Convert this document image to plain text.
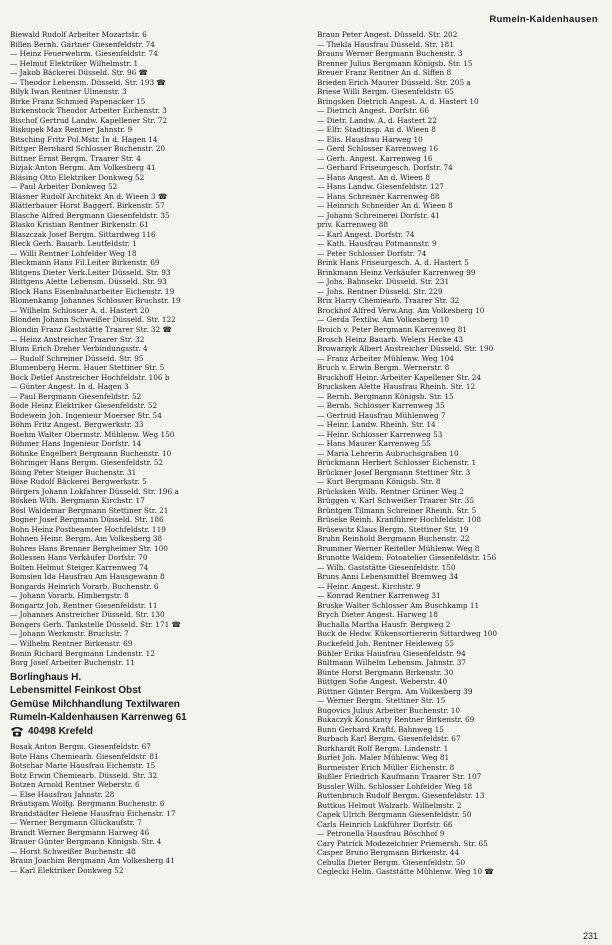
Rumeln-Kaldenhausen
Biewald Rudolf Arbeiter Mozartstr. 6
Billen Bernh. Gärtner Giesenfeldstr. 74
— Heinz Feuerwehrm. Giesenfeldstr. 74
— Helmut Elektriker Wilhelmstr. 1
— Jakob Bäckerei Düsseld. Str. 96 ☎
— Theodor Lebensm. Düsseld. Str. 193 ☎
Bilyk Iwan Rentner Ulmenstr. 3
Birke Franz Schmied Papenacker 15
Birkenstock Theodor Arbeiter Eichenstr. 3
Bischof Gertrud Landw. Kapellener Str. 72
Biskupek Max Rentner Jahnstr. 9
Bitsching Fritz Pol.Mstr. In d. Hagen 14
Bittger Bernhard Schlosser Buchenstr. 20
Bittner Ernst Bergm. Traarer Str. 4
Bizjak Anton Bergm. Am Volkesberg 41
Bläsing Otto Elektriker Donkweg 52
— Paul Arbeiter Donkweg 52
Bläsner Rudolf Architekt An d. Wieen 3 ☎
Blätterbauer Horst Baggerf. Birkenstr. 57
Blasche Alfred Bergmann Giesenfeldstr. 35
Blasko Kristian Rentner Birkenstr. 61
Blaszczak Josef Bergm. Sittardweg 116
Bleck Gerh. Bauarb. Leutfeldstr. 1
— Willi Rentner Lohfelder Weg 18
Bleckmann Hans Fil.Leiter Birkenstr. 69
Blitgens Dieter Verk.Leiter Düsseld. Str. 93
Blittgens Alette Lebensm. Düsseld. Str. 93
Block Hans Eisenbahnarbeiter Eichenstr. 19
Blomenkamp Johannes Schlosser Bruchstr. 19
— Wilhelm Schlosser A. d. Hastert 20
Blonden Johann Schweißer Düsseld. Str. 122
Blondin Franz Gaststätte Traarer Str. 32 ☎
— Heinz Anstreicher Traarer Str. 32
Blum Erich Dreher Verbindungsstr. 4
— Rudolf Schreiner Düsseld. Str. 95
Blumenberg Herm. Hauer Stettiner Str. 5
Bock Detlef Anstreicher Hochfeldstr. 106 b
— Günter Angest. In d. Hagen 3
— Paul Bergmann Giesenfeldstr. 52
Bode Heinz Elektriker Giesenfeldstr. 52
Bodewein Joh. Ingenieur Moerser Str. 54
Böhm Fritz Angest. Bergwerkstr. 33
Boehm Walter Obermstr. Mühlenw. Weg 150
Böhmer Hans Ingenieur Dorfstr. 14
Böhnke Engelbert Bergmann Buchenstr. 10
Böhringer Hans Bergm. Giesenfeldstr. 52
Böing Peter Steiger Buchenstr. 31
Böse Rudolf Bäckerei Bergwerkstr. 5
Börgers Johann Lokfahrer Düsseld. Str. 196 a
Bösken Wilh. Bergmann Kirchstr. 17
Bösl Waldemar Bergmann Stettiner Str. 21
Bogner Josef Bergmann Düsseld. Str. 186
Bohn Heinz Postbeamter Hochfeldstr. 119
Bohnen Heinr. Bergm. Am Volkesberg 38
Bohres Hans Brenner Bergheimer Str. 100
Bollessen Hans Verkäufer Dorfstr. 70
Bolten Helmut Steiger Karrenweg 74
Bomsien Ida Hausfrau Am Hausgewann 8
Bongards Heinrich Vorarb. Buchenstr. 6
— Johann Vorarb. Himbergstr. 8
Bongartz Joh. Rentner Giesenfeldstr. 11
— Johannes Anstreicher Düsseld. Str. 130
Bongers Gerh. Tankstelle Düsseld. Str. 171 ☎
— Johann Werkmstr. Bruchstr. 7
— Wilhelm Rentner Birkenstr. 69
Bonin Richard Bergmann Lindenstr. 12
Borg Josef Arbeiter Buchenstr. 11
Borlinghaus H.
Lebensmittel Feinkost Obst
Gemüse Milchhandlung Textilwaren
Rumeln-Kaldenhausen Karrenweg 61
40498 Krefeld
Bosak Anton Bergm. Giesenfeldstr. 67
Bote Hans Chemiearb. Giesenfeldstr. 81
Botschar Marie Hausfrau Eichenstr. 15
Botz Erwin Chemiearb. Düsseld. Str. 32
Botzen Arnold Rentner Weberstr. 6
— Else Hausfrau Jahnstr. 28
Bräutigam Wolfg. Bergmann Buchenstr. 6
Brandstädter Helene Hausfrau Eichenstr. 17
— Werner Bergmann Glückaufstr. 7
Brandt Werner Bergmann Harweg 46
Brauer Günter Bergmann Königsb. Str. 4
— Horst Schweißer Buchenstr. 48
Braun Joachim Bergmann Am Volkesberg 41
— Karl Elektriker Donkweg 52
Braun Peter Angest. Düsseld. Str. 202
— Thekla Hausfrau Düsseld. Str. 181
Brauns Werner Bergmann Buchenstr. 3
Brenner Julius Bergmann Königsb. Str. 15
Breuer Franz Rentner An d. Siffen 8
Brieden Erich Maurer Düsseld. Str. 205 a
Briese Willi Bergm. Giesenfeldstr. 65
Bringsken Dietrich Angest. A. d. Hastert 10
— Dietrich Angest. Dorfstr. 66
— Dietr. Landw. A. d. Hastert 22
— Elfr. Stadtinsp. An d. Wieen 8
— Elis. Hausfrau Harweg 10
— Gerd Schlosser Karrenweg 16
— Gerh. Angest. Karrenweg 16
— Gerhard Friseurgesch. Dorfstr. 74
— Hans Angest. An d. Wieen 8
— Hans Landw. Giesenfeldstr. 127
— Hans Schreiner Karrenweg 88
— Heinrich Schneider An d. Wieen 8
— Johann Schreinerei Dorfstr. 41
priv. Karrenweg 88
— Karl Angest. Dorfstr. 74
— Kath. Hausfrau Potmannstr. 9
— Peter Schlosser Dorfstr. 74
Brink Hans Friseurgesch. A. d. Hastert 5
Brinkmann Heinz Verkäufer Karrenweg 99
— Johs. Bahnsekr. Düsseld. Str. 231
— Johs. Rentner Düsseld. Str. 229
Brix Harry Chemiearb. Traarer Str. 32
Brockhof Alfred Verw.Ang. Am Volkesberg 10
— Gerda Textilw. Am Volkesberg 10
Broich v. Peter Bergmann Karrenweg 81
Brosch Heinz Bauarb. Welers Hecke 43
Browarzyk Albert Anstreicher Düsseld. Str. 190
— Franz Arbeiter Mühlenw. Weg 104
Bruch v. Erwin Bergm. Wernerstr. 8
Bruckhoff Heinr. Arbeiter Kapellener Str. 24
Brucksken Alette Hausfrau Rheinh. Str. 12
— Bernh. Bergmann Königsb. Str. 15
— Bernh. Schlosser Karrenweg 35
— Gertrud Hausfrau Mühlenweg 7
— Heinr. Landw. Rheinh. Str. 14
— Heinr. Schlosser Karrenweg 53
— Hans Maurer Karrenweg 55
— Maria Lehrerin Aubruchsgraben 10
Brückmann Herbert Schlosser Eichenstr. 1
Brückner Josef Bergmann Stettiner Str. 3
— Kurt Bergmann Königsb. Str. 8
Brücksken Wilh. Rentner Grüner Weg 2
Brüggen v. Karl Schweißer Traarer Str. 35
Brüntgen Tilmann Schreiner Rheinh. Str. 5
Brüseke Reinh. Kranführer Hochfeldstr. 108
Brüsewitz Klaus Bergm. Stettiner Str. 19
Bruhn Reinhold Bergmann Buchenstr. 22
Brummer Werner Reiteller Mühlenw. Weg 8
Brunotte Waldem. Fotoatelier Giesenfeldstr. 156
— Wilh. Gaststätte Giesenfeldstr. 150
Bruns Anni Lebensmittel Bremweg 34
— Heinr. Angest. Kirchstr. 9
— Konrad Rentner Karrenweg 31
Bruske Walter Schlosser Am Buschkamp 11
Brych Dieter Angest. Harweg 18
Buchalla Martha Hausfr. Bergweg 2
Buck de Hedw. Kükensortiererin Sittardweg 100
Buckefeld Joh. Rentner Heideweg 55
Bühler Erika Hausfrau Giesenfeldstr. 94
Bültmann Wilhelm Lebensm. Jahnstr. 37
Bünte Horst Bergmann Birkenstr. 30
Büttgen Sofie Angest. Weberstr. 40
Büttner Günter Bergm. Am Volkesberg 39
— Werner Bergm. Stettiner Str. 15
Bugovics Julius Arbeiter Buchenstr. 10
Bukaczyk Konstanty Rentner Birkenstr. 69
Bunn Gerhard Kraftf. Bahnweg 15
Burbach Karl Bergm. Giesenfeldstr. 67
Burkhardt Rolf Bergm. Lindenstr. 1
Burlet Joh. Maler Mühlenw. Weg 81
Burmeister Erich Müller Eichenstr. 8
Bußler Friedrich Kaufmann Traarer Str. 107
Bussler Wilh. Schlosser Lohfelder Weg 18
Buttenbruch Rudolf Bergm. Giesenfeldstr. 13
Buttkus Helmut Walzarb. Wilhelmstr. 2
Capek Ulrich Bergmann Giesenfeldstr. 50
Carls Heinrich Lokführer Dorfstr. 66
— Petronella Hausfrau Böschhof 9
Cary Patrick Modezeichner Priemersh. Str. 65
Casper Bruno Bergmann Birkenstr. 44
Cebulla Dieter Bergm. Giesenfeldstr. 50
Ceglecki Helm. Gaststätte Mühlenw. Weg 10 ☎
231
